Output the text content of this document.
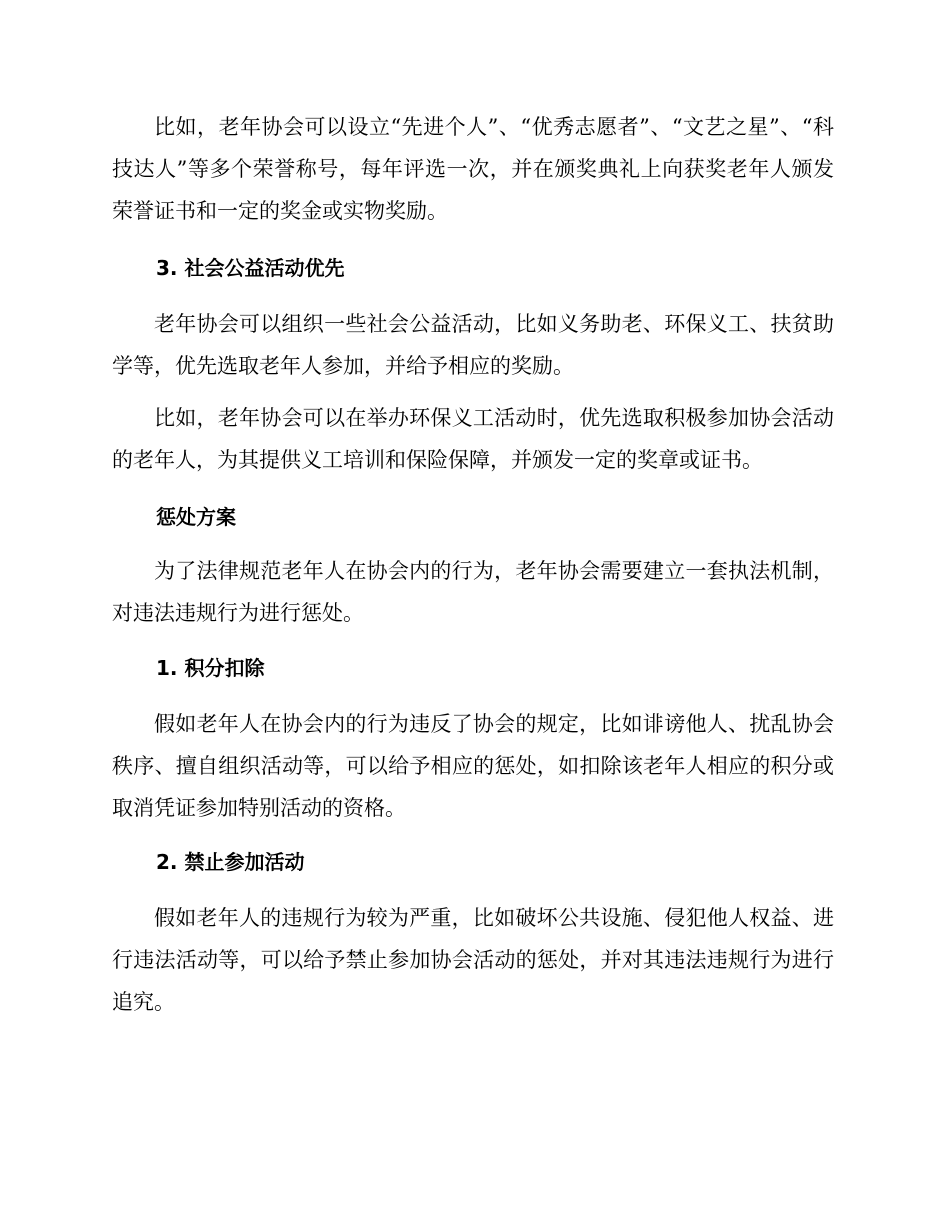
比如，老年协会可以设立“先进个人”、“优秀志愿者”、“文艺之星”、“科技达人”等多个荣誉称号，每年评选一次，并在颁奖典礼上向获奖老年人颁发荣誉证书和一定的奖金或实物奖励。

3. 社会公益活动优先

老年协会可以组织一些社会公益活动，比如义务助老、环保义工、扶贫助学等，优先选取老年人参加，并给予相应的奖励。

比如，老年协会可以在举办环保义工活动时，优先选取积极参加协会活动的老年人，为其提供义工培训和保险保障，并颁发一定的奖章或证书。

惩处方案

为了法律规范老年人在协会内的行为，老年协会需要建立一套执法机制，对违法违规行为进行惩处。

1. 积分扣除

假如老年人在协会内的行为违反了协会的规定，比如诽谤他人、扰乱协会秩序、擅自组织活动等，可以给予相应的惩处，如扣除该老年人相应的积分或取消凭证参加特别活动的资格。

2. 禁止参加活动

假如老年人的违规行为较为严重，比如破坏公共设施、侵犯他人权益、进行违法活动等，可以给予禁止参加协会活动的惩处，并对其违法违规行为进行追究。
